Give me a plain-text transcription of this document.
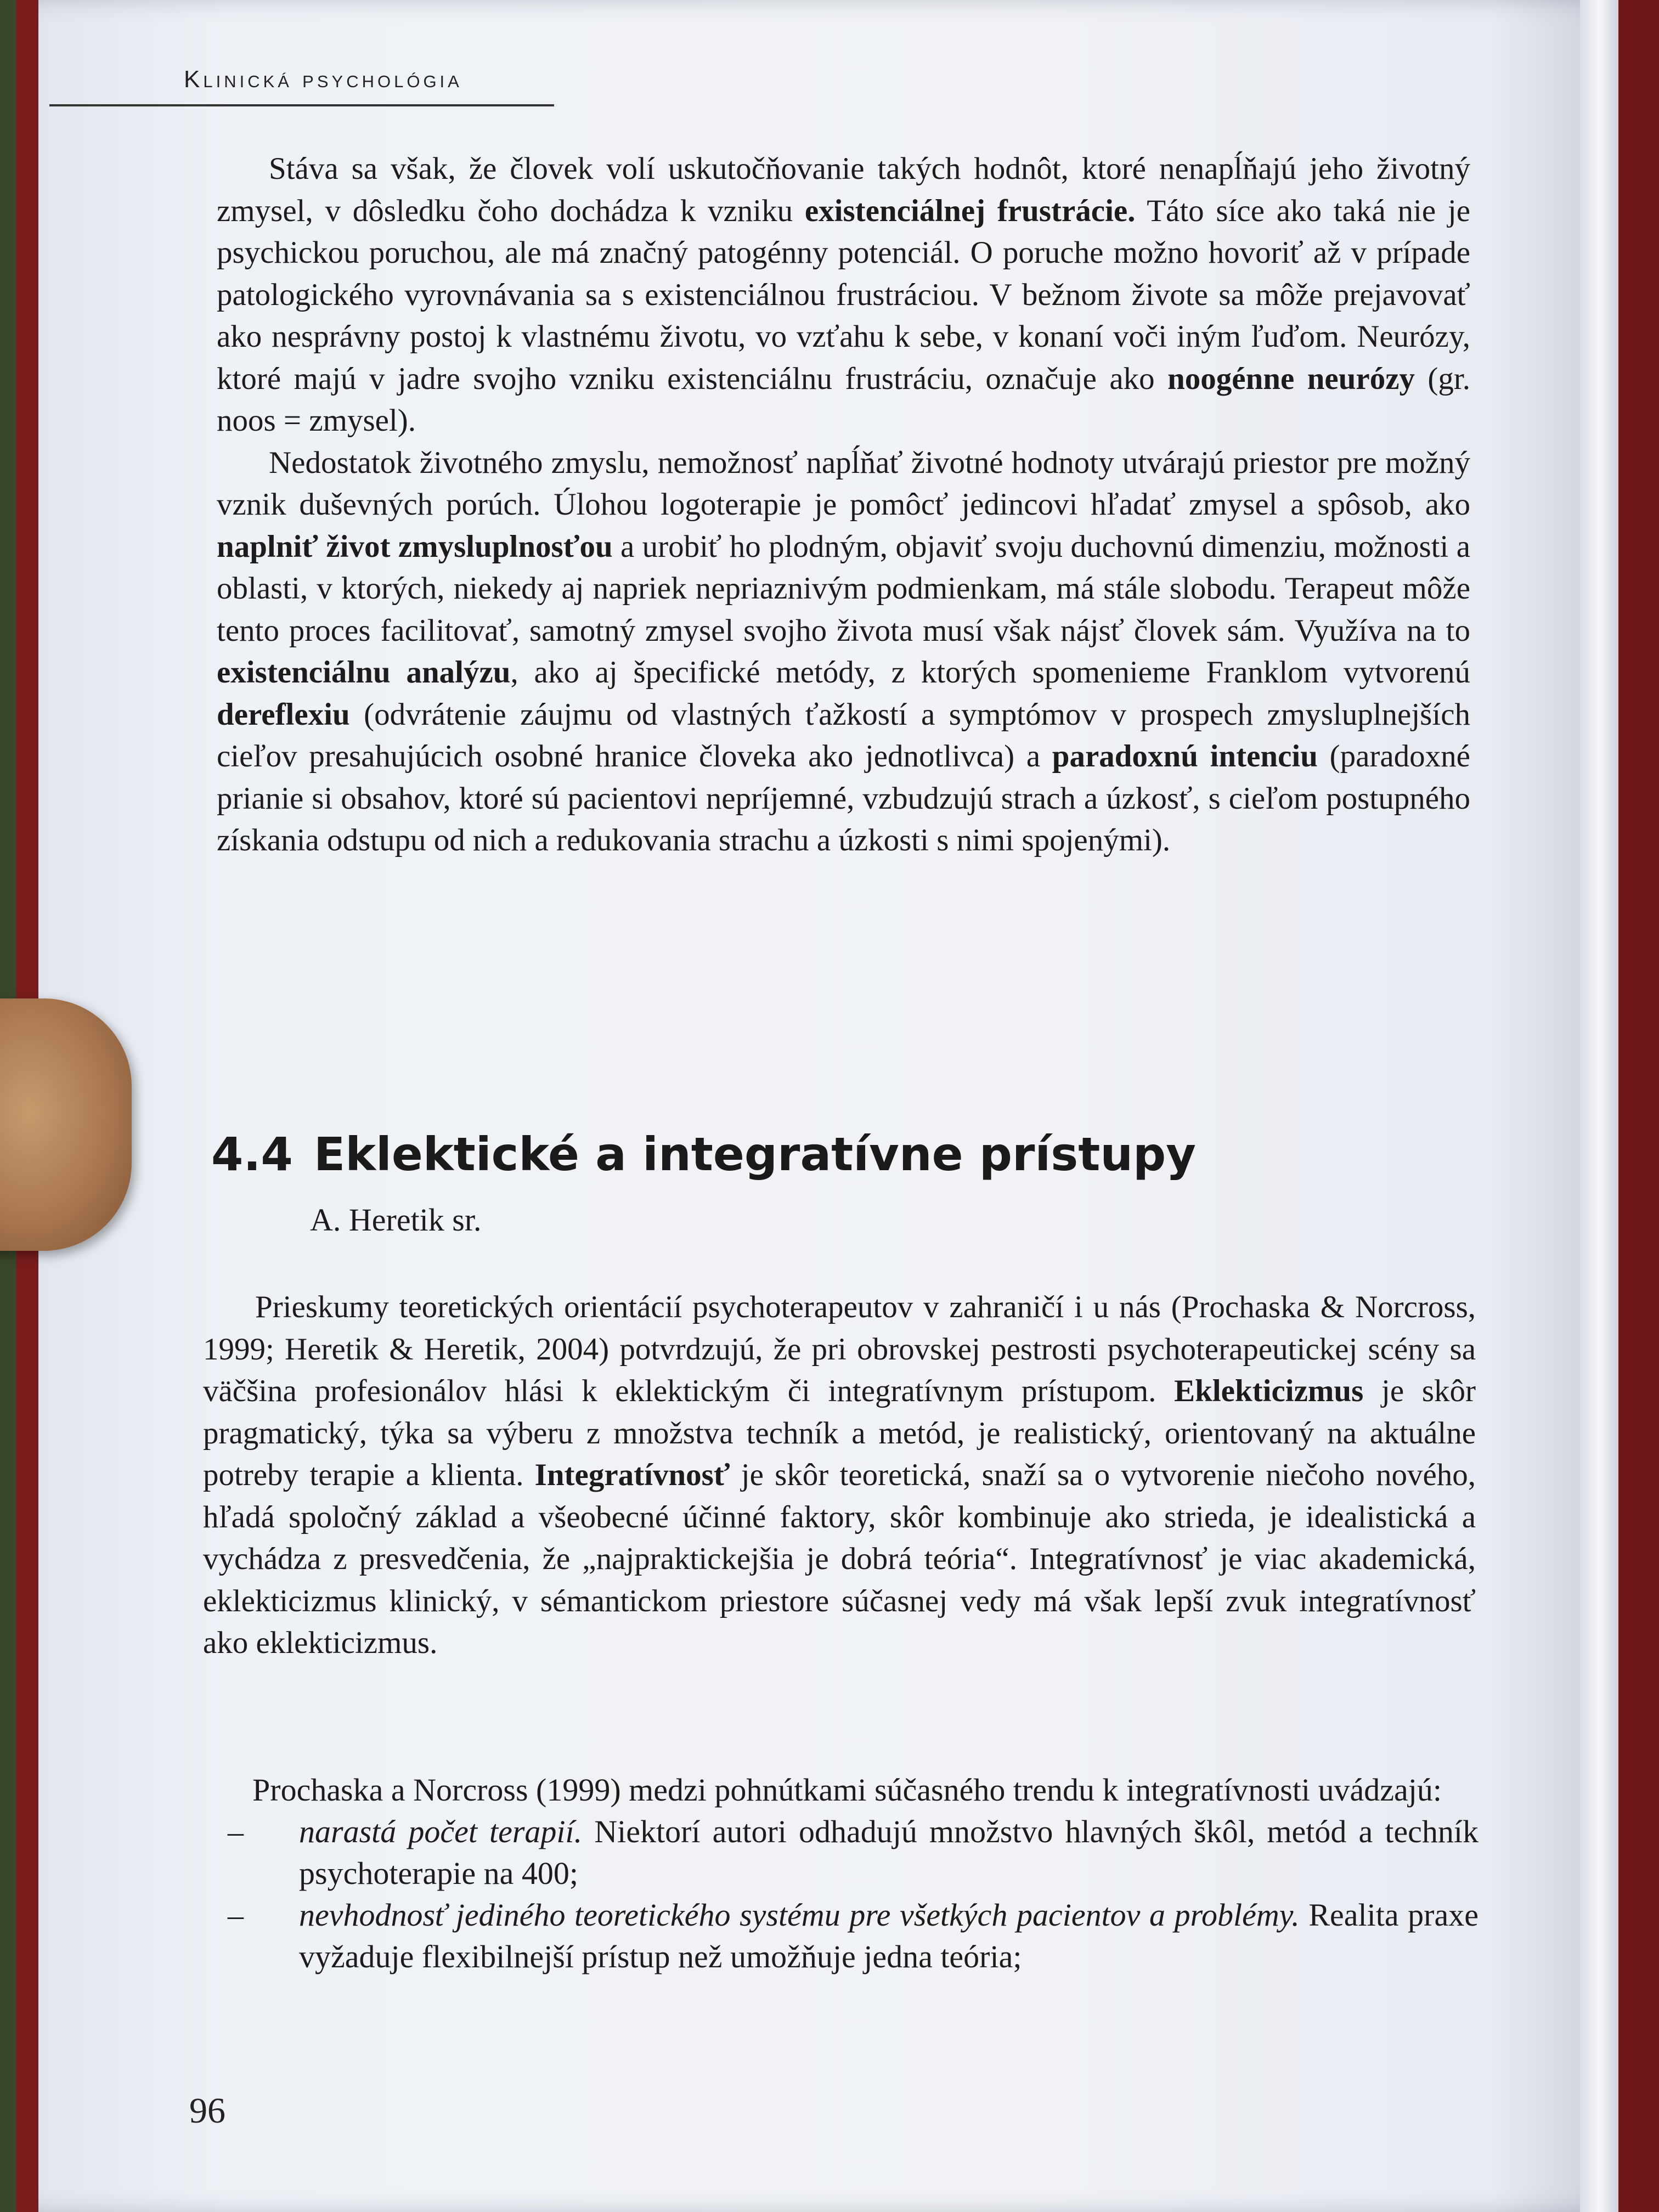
Klinická psychológia

Stáva sa však, že človek volí uskutočňovanie takých hodnôt, ktoré nenapĺňajú jeho životný zmysel, v dôsledku čoho dochádza k vzniku existenciálnej frustrácie. Táto síce ako taká nie je psychickou poruchou, ale má značný patogénny potenciál. O poruche možno hovoriť až v prípade patologického vyrovnávania sa s existenciálnou frustráciou. V bežnom živote sa môže prejavovať ako nesprávny postoj k vlastnému životu, vo vzťahu k sebe, v konaní voči iným ľuďom. Neurózy, ktoré majú v jadre svojho vzniku existenciálnu frustráciu, označuje ako noogénne neurózy (gr. noos = zmysel).

Nedostatok životného zmyslu, nemožnosť napĺňať životné hodnoty utvárajú priestor pre možný vznik duševných porúch. Úlohou logoterapie je pomôcť jedincovi hľadať zmysel a spôsob, ako naplniť život zmysluplnosťou a urobiť ho plodným, objaviť svoju duchovnú dimenziu, možnosti a oblasti, v ktorých, niekedy aj napriek nepriaznivým podmienkam, má stále slobodu. Terapeut môže tento proces facilitovať, samotný zmysel svojho života musí však nájsť človek sám. Využíva na to existenciálnu analýzu, ako aj špecifické metódy, z ktorých spomenieme Franklom vytvorenú dereflexiu (odvrátenie záujmu od vlastných ťažkostí a symptómov v prospech zmysluplnejších cieľov presahujúcich osobné hranice človeka ako jednotlivca) a paradoxnú intenciu (paradoxné prianie si obsahov, ktoré sú pacientovi nepríjemné, vzbudzujú strach a úzkosť, s cieľom postupného získania odstupu od nich a redukovania strachu a úzkosti s nimi spojenými).

4.4 Eklektické a integratívne prístupy
A. Heretik sr.

Prieskumy teoretických orientácií psychoterapeutov v zahraničí i u nás (Prochaska & Norcross, 1999; Heretik & Heretik, 2004) potvrdzujú, že pri obrovskej pestrosti psychoterapeutickej scény sa väčšina profesionálov hlási k eklektickým či integratívnym prístupom. Eklekticizmus je skôr pragmatický, týka sa výberu z množstva techník a metód, je realistický, orientovaný na aktuálne potreby terapie a klienta. Integratívnosť je skôr teoretická, snaží sa o vytvorenie niečoho nového, hľadá spoločný základ a všeobecné účinné faktory, skôr kombinuje ako strieda, je idealistická a vychádza z presvedčenia, že „najpraktickejšia je dobrá teória“. Integratívnosť je viac akademická, eklekticizmus klinický, v sémantickom priestore súčasnej vedy má však lepší zvuk integratívnosť ako eklekticizmus.

Prochaska a Norcross (1999) medzi pohnútkami súčasného trendu k integratívnosti uvádzajú:

– narastá počet terapií. Niektorí autori odhadujú množstvo hlavných škôl, metód a techník psychoterapie na 400;
– nevhodnosť jediného teoretického systému pre všetkých pacientov a problémy. Realita praxe vyžaduje flexibilnejší prístup než umožňuje jedna teória;
96
